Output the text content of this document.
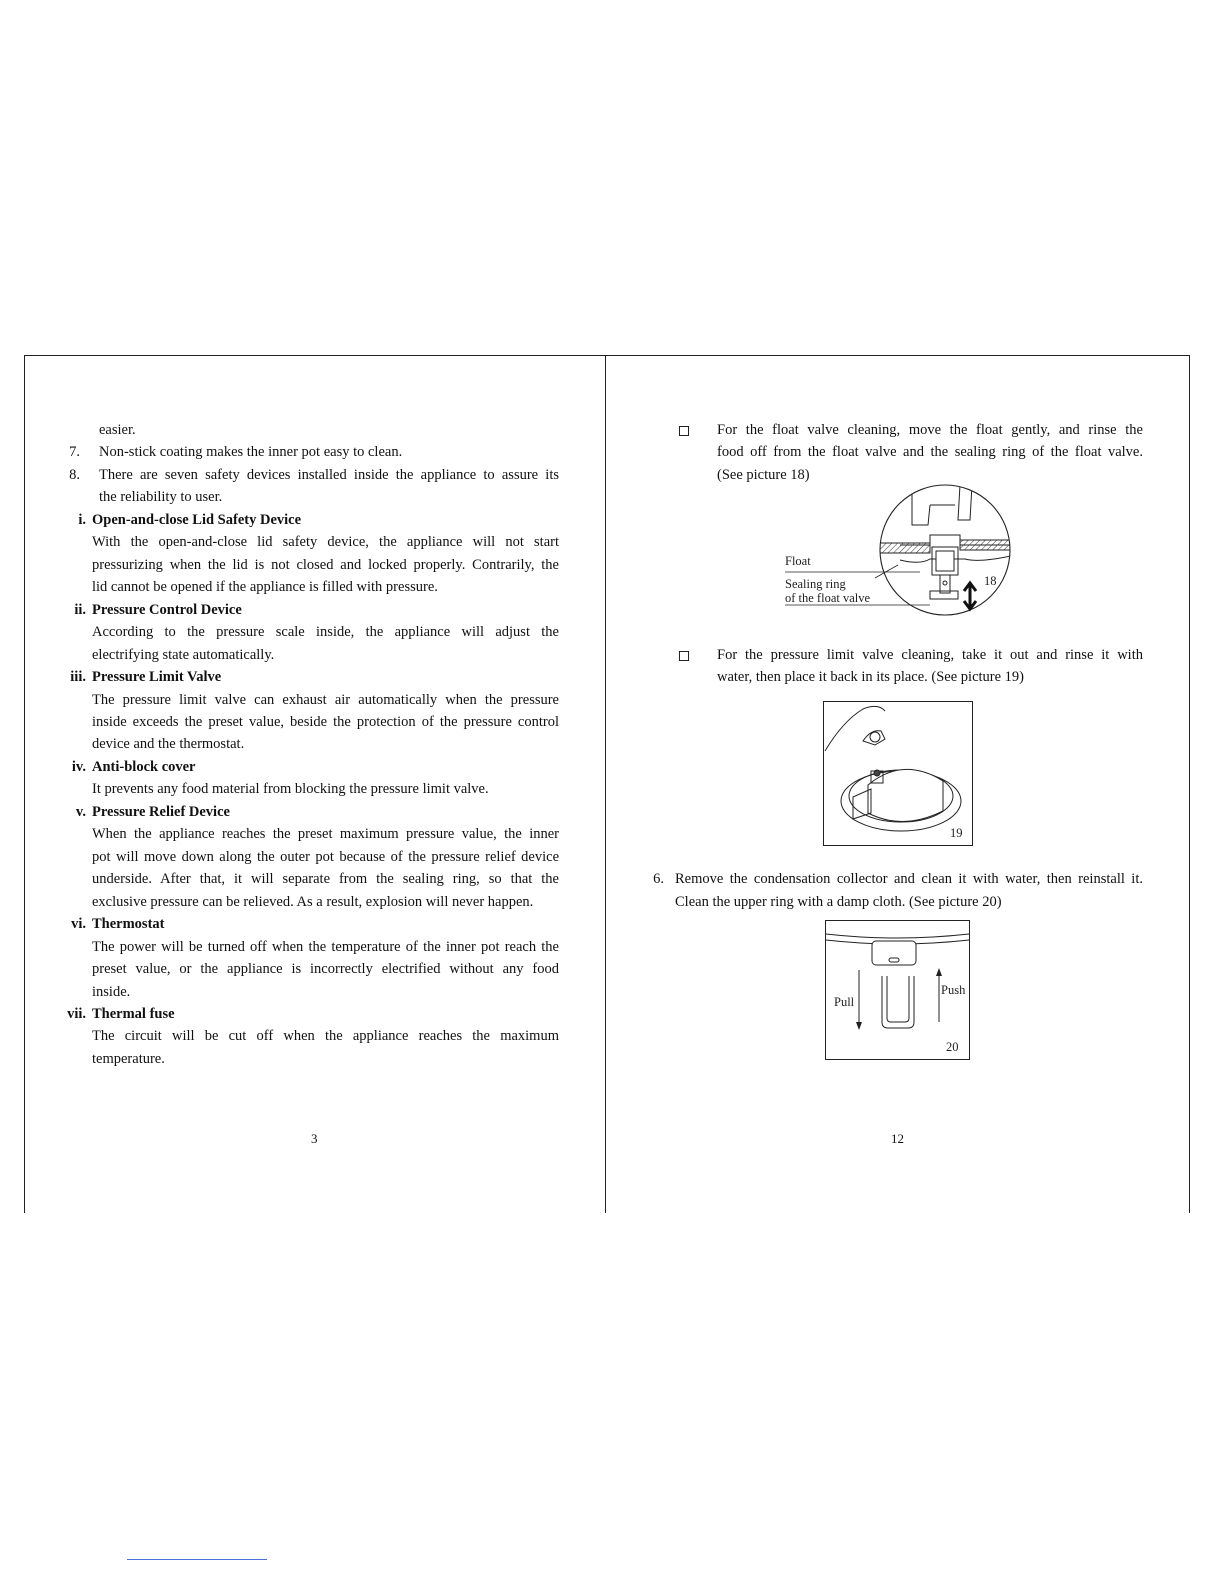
easier.
7. Non-stick coating makes the inner pot easy to clean.
8. There are seven safety devices installed inside the appliance to assure its
the reliability to user.
i. Open-and-close Lid Safety Device
With the open-and-close lid safety device, the appliance will not start
pressurizing when the lid is not closed and locked properly. Contrarily, the
lid cannot be opened if the appliance is filled with pressure.
ii. Pressure Control Device
According to the pressure scale inside, the appliance will adjust the
electrifying state automatically.
iii. Pressure Limit Valve
The pressure limit valve can exhaust air automatically when the pressure
inside exceeds the preset value, beside the protection of the pressure control
device and the thermostat.
iv. Anti-block cover
It prevents any food material from blocking the pressure limit valve.
v. Pressure Relief Device
When the appliance reaches the preset maximum pressure value, the inner
pot will move down along the outer pot because of the pressure relief device
underside. After that, it will separate from the sealing ring, so that the
exclusive pressure can be relieved. As a result, explosion will never happen.
vi. Thermostat
The power will be turned off when the temperature of the inner pot reach the
preset value, or the appliance is incorrectly electrified without any food
inside.
vii. Thermal fuse
The circuit will be cut off when the appliance reaches the maximum
temperature.
3
For the float valve cleaning, move the float gently, and rinse the
food off from the float valve and the sealing ring of the float valve.
(See picture 18)
Float
Sealing ring
of the float valve
18
For the pressure limit valve cleaning, take it out and rinse it with
water, then place it back in its place. (See picture 19)
19
6. Remove the condensation collector and clean it with water, then reinstall it.
Clean the upper ring with a damp cloth. (See picture 20)
Pull
Push
20
12
